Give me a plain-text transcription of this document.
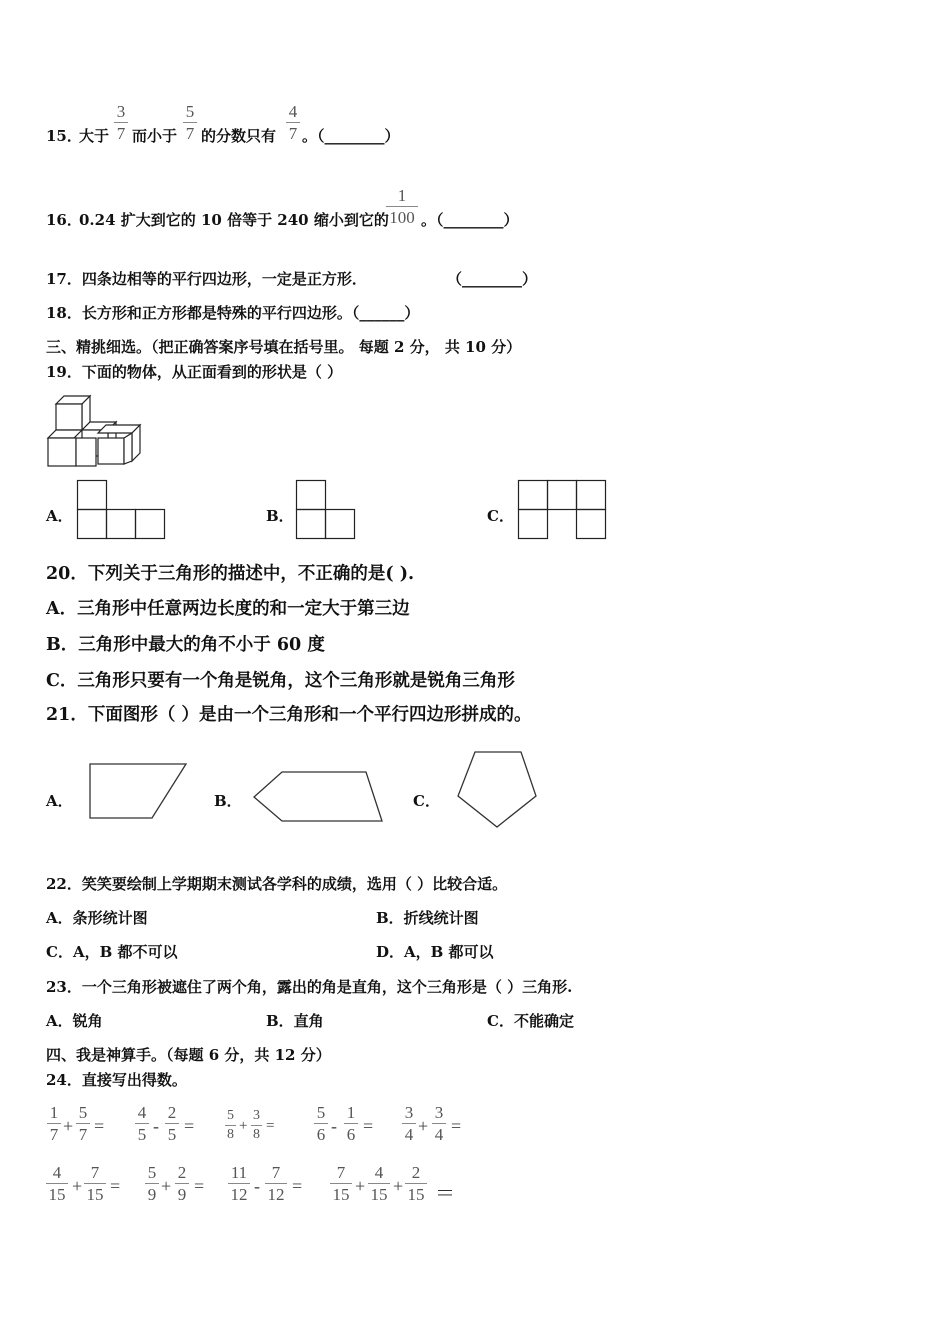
15．
大于
3
7 而小于
5
7 的分数只有
4
7 。（________）
16．
0.24 扩大到它的 10 倍等于 240 缩小到它的
1
100 。（________）
17．四条边相等的平行四边形，一定是正方形．	（________）
18．长方形和正方形都是特殊的平行四边形。（______）
三、精挑细选。（把正确答案序号填在括号里。 每题 2 分， 共 10 分）
19．下面的物体，从正面看到的形状是（ ）
A．	B．	C．
20．下列关于三角形的描述中，不正确的是( ).
A．三角形中任意两边长度的和一定大于第三边
B．三角形中最大的角不小于 60 度
C．三角形只要有一个角是锐角，这个三角形就是锐角三角形
21．下面图形（ ）是由一个三角形和一个平行四边形拼成的。
A．	B．	C．
22．笑笑要绘制上学期期末测试各学科的成绩，选用（ ）比较合适。
A．条形统计图	B．折线统计图
C．A，B 都不可以	D．A，B 都可以
23．一个三角形被遮住了两个角，露出的角是直角，这个三角形是（ ）三角形.
A．锐角	B．直角	C．不能确定
四、我是神算手。（每题 6 分，共 12 分）
24．直接写出得数。
1
7 +
5
7 =
4
5 -
2
5 =
5
8
+
3
8
=
5
6 -
1
6 =
3
4 +
3
4 =
4
15 +
7
15 =
5
9 +
2
9 =
11
12 -
7
12 =
7
15 +
4
15 +
2
15 ＝
